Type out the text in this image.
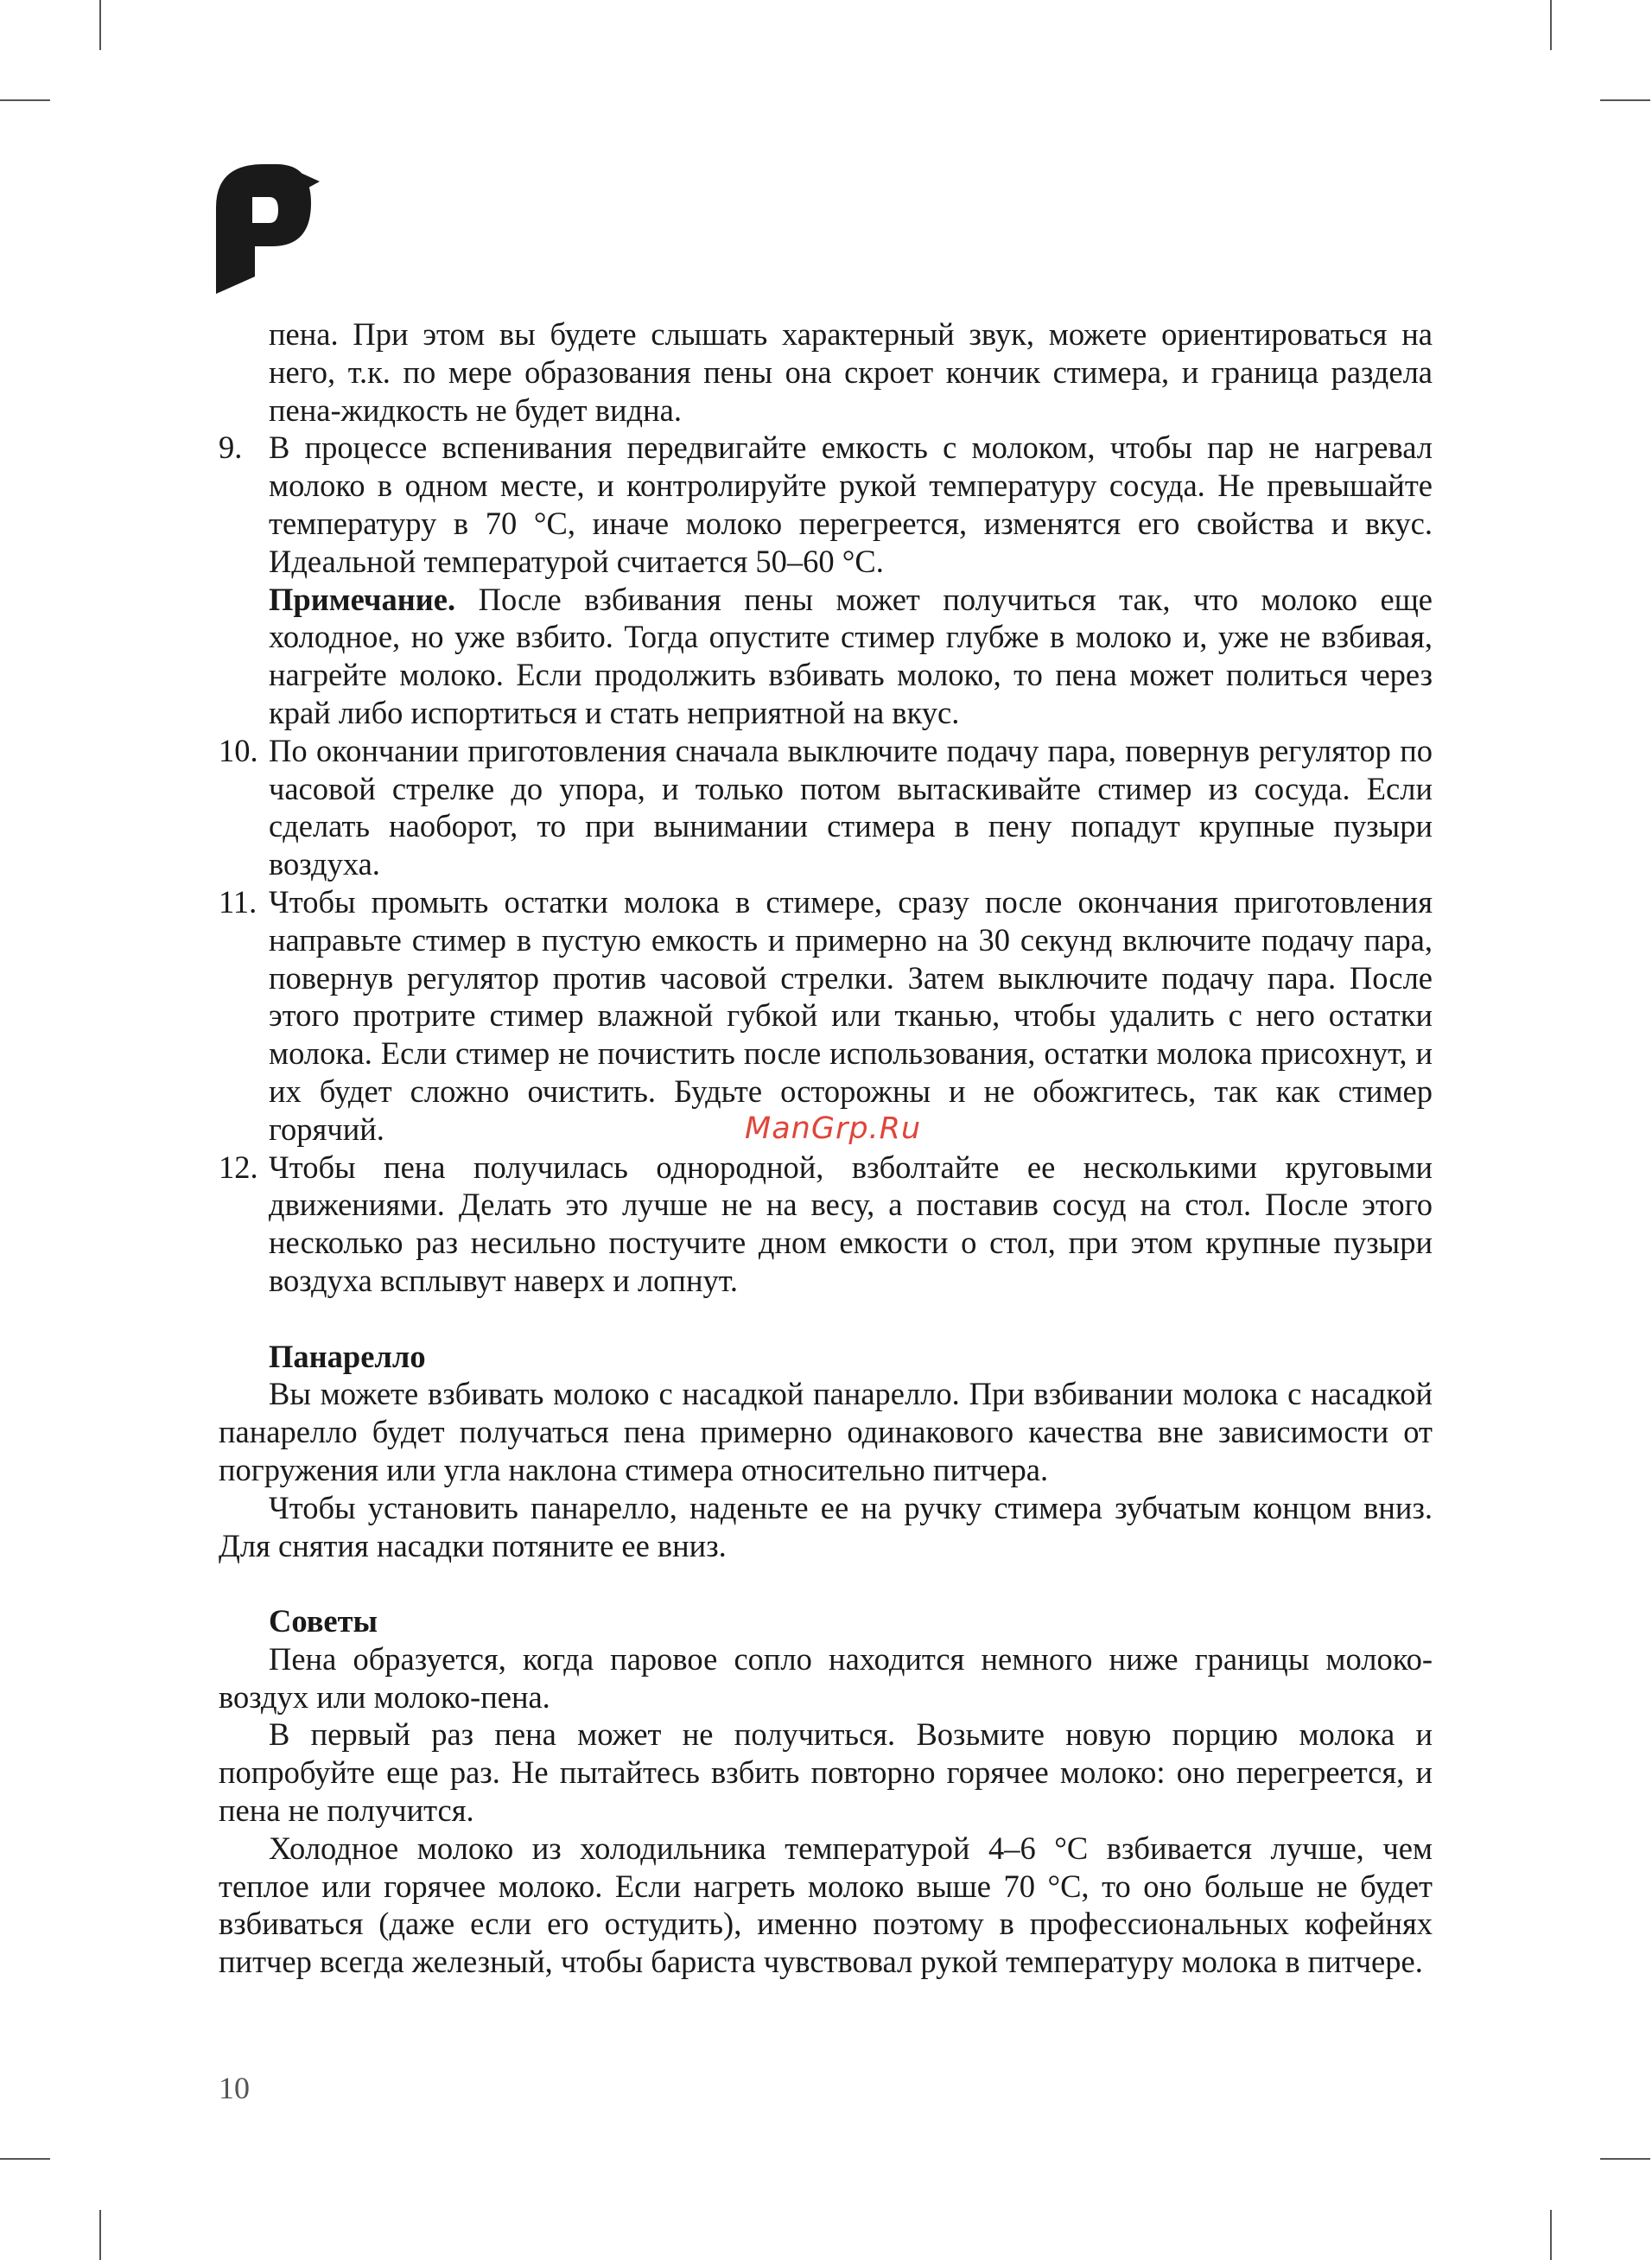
пена. При этом вы будете слышать характерный звук, можете ориентироваться на него, т.к. по мере образования пены она скроет кончик стимера, и граница раздела пена-жидкость не будет видна.

9. В процессе вспенивания передвигайте емкость с молоком, чтобы пар не нагревал молоко в одном месте, и контролируйте рукой температуру сосуда. Не превышайте температуру в 70 °С, иначе молоко перегреется, изменятся его свойства и вкус. Идеальной температурой считается 50–60 °С.

Примечание. После взбивания пены может получиться так, что молоко еще холодное, но уже взбито. Тогда опустите стимер глубже в молоко и, уже не взбивая, нагрейте молоко. Если продолжить взбивать молоко, то пена может политься через край либо испортиться и стать неприятной на вкус.

10. По окончании приготовления сначала выключите подачу пара, повернув регулятор по часовой стрелке до упора, и только потом вытаскивайте стимер из сосуда. Если сделать наоборот, то при вынимании стимера в пену попадут крупные пузыри воздуха.

11. Чтобы промыть остатки молока в стимере, сразу после окончания приготовления направьте стимер в пустую емкость и примерно на 30 секунд включите подачу пара, повернув регулятор против часовой стрелки. Затем выключите подачу пара. После этого протрите стимер влажной губкой или тканью, чтобы удалить с него остатки молока. Если стимер не почистить после использования, остатки молока присохнут, и их будет сложно очистить. Будьте осторожны и не обожгитесь, так как стимер горячий.

12. Чтобы пена получилась однородной, взболтайте ее несколькими круговыми движениями. Делать это лучше не на весу, а поставив сосуд на стол. После этого несколько раз несильно постучите дном емкости о стол, при этом крупные пузыри воздуха всплывут наверх и лопнут.

Панарелло

Вы можете взбивать молоко с насадкой панарелло. При взбивании молока с насадкой панарелло будет получаться пена примерно одинакового качества вне зависимости от погружения или угла наклона стимера относительно питчера.

Чтобы установить панарелло, наденьте ее на ручку стимера зубчатым концом вниз. Для снятия насадки потяните ее вниз.

Советы

Пена образуется, когда паровое сопло находится немного ниже границы молоко-воздух или молоко-пена.

В первый раз пена может не получиться. Возьмите новую порцию молока и попробуйте еще раз. Не пытайтесь взбить повторно горячее молоко: оно перегреется, и пена не получится.

Холодное молоко из холодильника температурой 4–6 °С взбивается лучше, чем теплое или горячее молоко. Если нагреть молоко выше 70 °С, то оно больше не будет взбиваться (даже если его остудить), именно поэтому в профессиональных кофейнях питчер всегда железный, чтобы бариста чувствовал рукой температуру молока в питчере.

ManGrp.Ru
10
